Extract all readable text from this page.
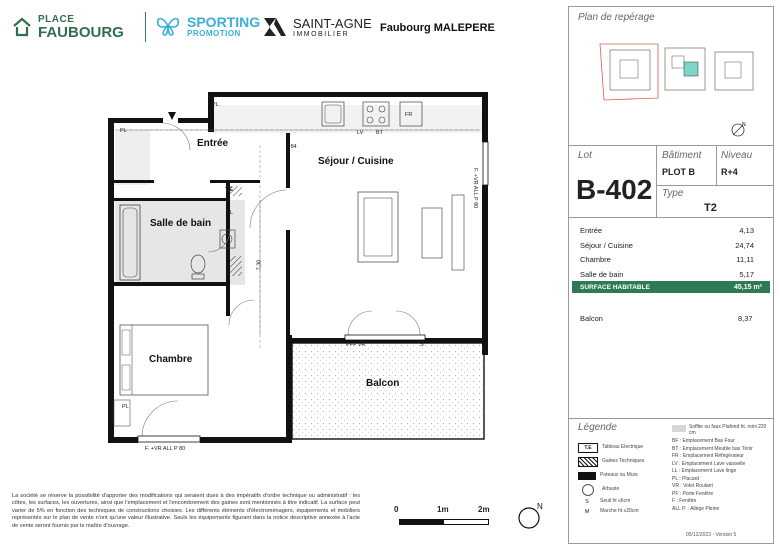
PLACE
FAUBOURG
SPORTING
PROMOTION
SAINT-AGNE
IMMOBILIER	Faubourg MALEPERE
Entrée
Séjour / Cuisine
Salle de bain
Chambre
Balcon
PL
PL
PL
T.E
LL
LV BT
FR
7,84
7,30
F. +VR ALL P 80
F. +VR ALL P 80
PF+ VR	S
La société se réserve la possibilité d'apporter des modifications qui seraient dues à des impératifs d'ordre technique ou administratif : les côtes, les surfaces, les ouvertures, ainsi que l'emplacement et l'encombrement des gaines sont mentionnés à titre indicatif. La surface peut varier de 5% en fonction des techniques de constructions choisies. Les différents éléments d'électroménagers, équipements et mobiliers représentés sur le plan de vente n'ont qu'une valeur illustrative. Seuls les équipements figurant dans la notice descriptive annexée à l'acte de vente seront fournis par le maître d'ouvrage.
0	1m	2m	N
Plan de repérage
N
Lot	Bâtiment Niveau
B-402
PLOT B	R+4
Type
T2
Entrée	4,13
Séjour / Cuisine	24,74
Chambre	11,11
Salle de bain	5,17
SURFACE HABITABLE	45,15 m²
Balcon	8,37
Légende
T.E	Tableau Electrique
Gaines Techniques
Poteaux ou Murs
Arbuste
S	Seuil ht ≤6cm
M	Marche ht ≤20cm
Soffite ou faux Plafond ht. mini 220 cm
BF : Emplacement Bas Four
BT : Emplacement Meuble bas Tiroir
FR : Emplacement Réfrigérateur
LV : Emplacement Lave vaisselle
LL : Emplacement Lave linge
PL : Placard
VR : Volet Roulant
PF : Porte Fenêtre
F : Fenêtre
ALL P. : Allège Pleine
05/12/2023 - Version 5
